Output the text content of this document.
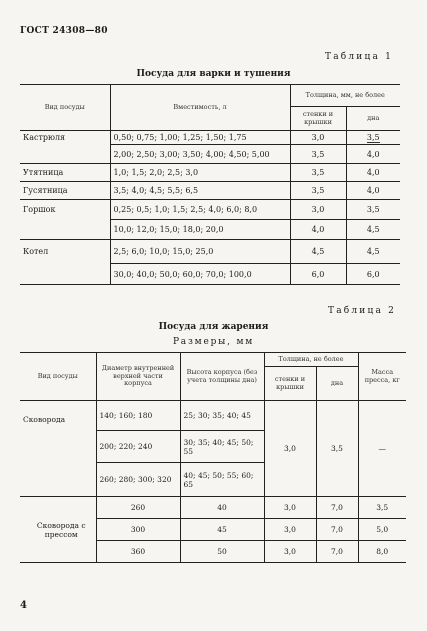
ГОСТ 24308—80
Таблица 1
Посуда для варки и тушения
Вид посуды	Вместимость, л	Толщина, мм, не более	
		стенки и крышки	дна
Кастрюля	0,50; 0,75; 1,00; 1,25; 1,50; 1,75	3,0	3,5
	2,00; 2,50; 3,00; 3,50; 4,00; 4,50; 5,00	3,5	4,0
Утятница	1,0; 1,5; 2,0; 2,5; 3,0	3,5	4,0
Гусятница	3,5; 4,0; 4,5; 5,5; 6,5	3,5	4,0
Горшок	0,25; 0,5; 1,0; 1,5; 2,5; 4,0; 6,0; 8,0	3,0	3,5
	10,0; 12,0; 15,0; 18,0; 20,0	4,0	4,5
Котел	2,5; 6,0; 10,0; 15,0; 25,0	4,5	4,5
	30,0; 40,0; 50,0; 60,0; 70,0; 100,0	6,0	6,0
Таблица 2
Посуда для жарения
Размеры, мм
Вид посуды	Диаметр внутренней верхней части корпуса	Высота корпуса (без учета толщины дна)	Толщина, не более		Масса пресса, кг
			стенки и крышки	дна	
Сковорода	140; 160; 180	25; 30; 35; 40; 45	3,0	3,5	—
	200; 220; 240	30; 35; 40; 45; 50; 55			
	260; 280; 300; 320	40; 45; 50; 55; 60; 65			
Сковорода с прессом	260	40	3,0	7,0	3,5
	300	45	3,0	7,0	5,0
	360	50	3,0	7,0	8,0
4
